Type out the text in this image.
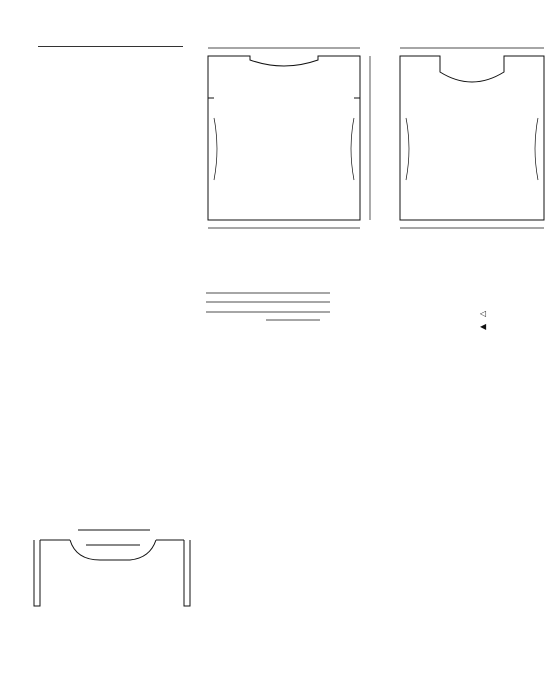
◁
◀
